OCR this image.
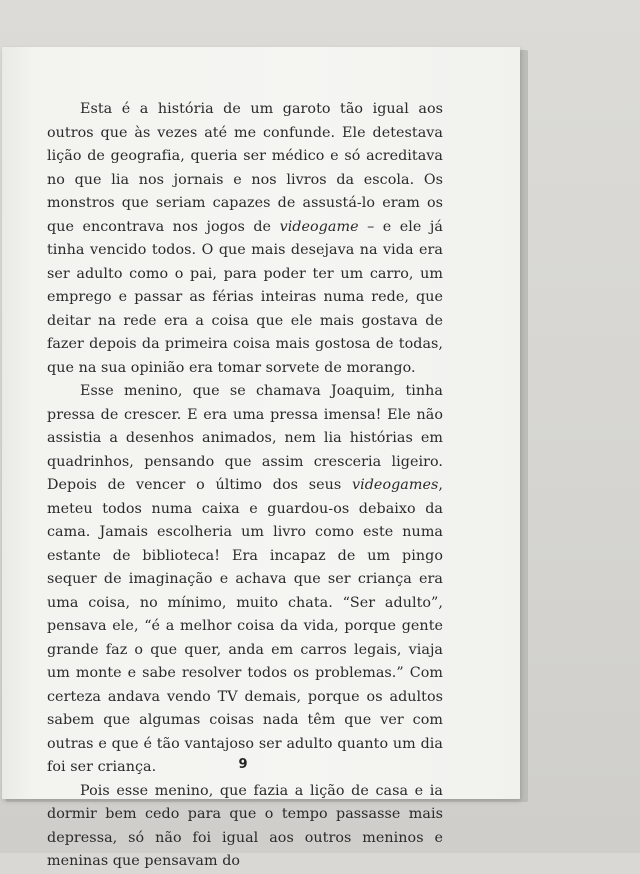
Esta é a história de um garoto tão igual aos outros que às vezes até me confunde. Ele detestava lição de geografia, queria ser médico e só acreditava no que lia nos jornais e nos livros da escola. Os monstros que seriam capazes de assustá-lo eram os que encontrava nos jogos de videogame – e ele já tinha vencido todos. O que mais desejava na vida era ser adulto como o pai, para poder ter um carro, um emprego e passar as férias inteiras numa rede, que deitar na rede era a coisa que ele mais gostava de fazer depois da primeira coisa mais gostosa de todas, que na sua opinião era tomar sorvete de morango.

Esse menino, que se chamava Joaquim, tinha pressa de crescer. E era uma pressa imensa! Ele não assistia a desenhos animados, nem lia histórias em quadrinhos, pensando que assim cresceria ligeiro. Depois de vencer o último dos seus videogames, meteu todos numa caixa e guardou-os debaixo da cama. Jamais escolheria um livro como este numa estante de biblioteca! Era incapaz de um pingo sequer de imaginação e achava que ser criança era uma coisa, no mínimo, muito chata. “Ser adulto”, pensava ele, “é a melhor coisa da vida, porque gente grande faz o que quer, anda em carros legais, viaja um monte e sabe resolver todos os problemas.” Com certeza andava vendo TV demais, porque os adultos sabem que algumas coisas nada têm que ver com outras e que é tão vantajoso ser adulto quanto um dia foi ser criança.

Pois esse menino, que fazia a lição de casa e ia dormir bem cedo para que o tempo passasse mais depressa, só não foi igual aos outros meninos e meninas que pensavam do

9
